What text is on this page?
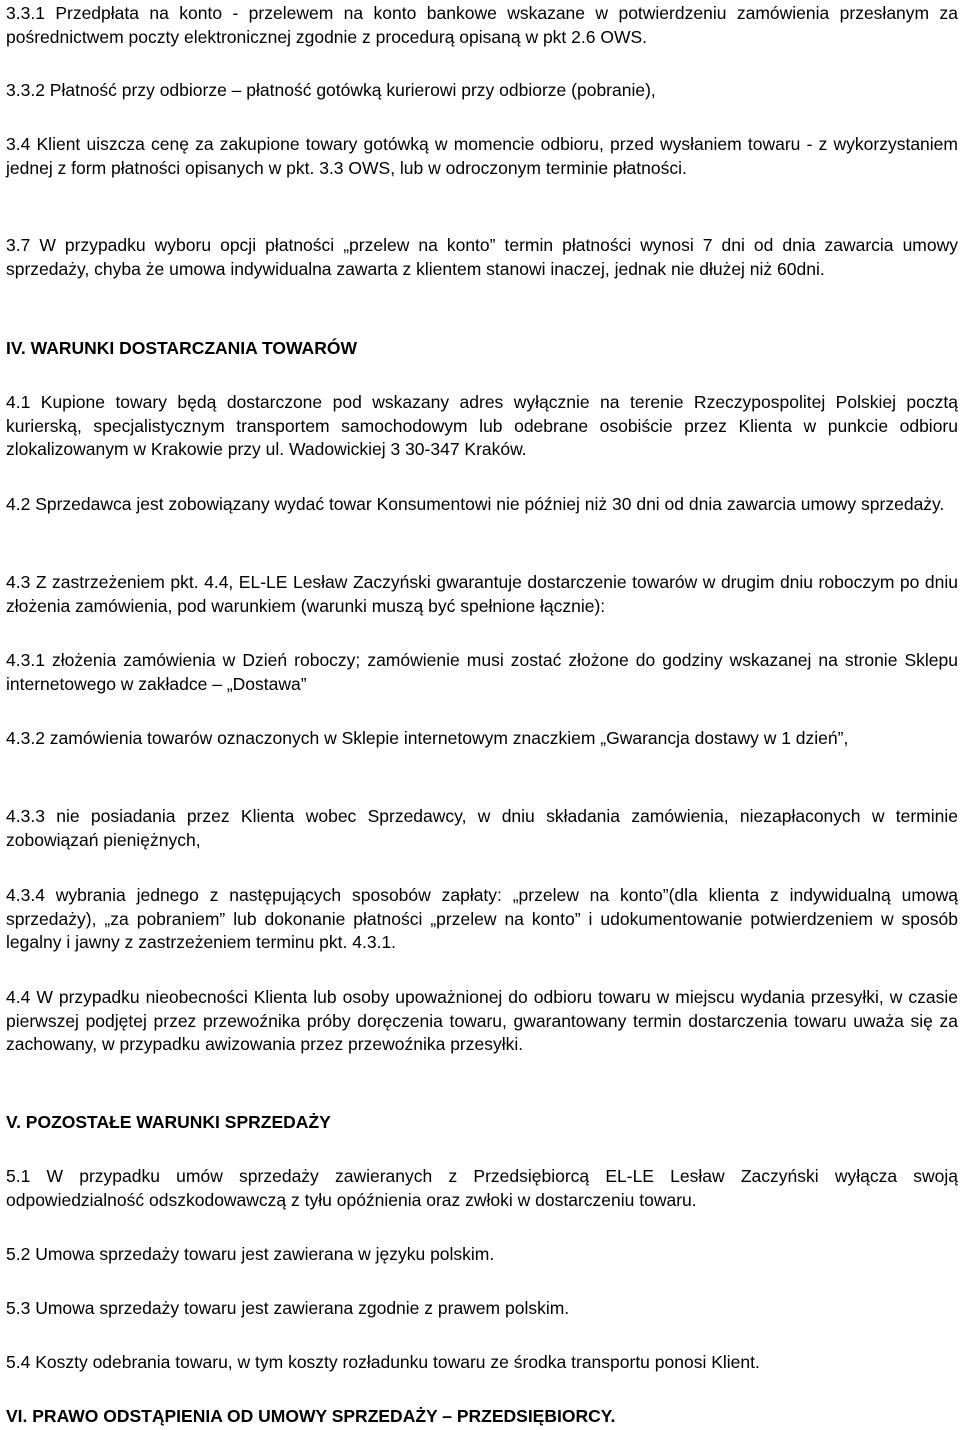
3.3.1 Przedpłata na konto - przelewem na konto bankowe wskazane w potwierdzeniu zamówienia przesłanym za pośrednictwem poczty elektronicznej zgodnie z procedurą opisaną w pkt 2.6 OWS.

3.3.2 Płatność przy odbiorze – płatność gotówką kurierowi przy odbiorze (pobranie),

3.4 Klient uiszcza cenę za zakupione towary gotówką w momencie odbioru, przed wysłaniem towaru - z wykorzystaniem jednej z form płatności opisanych w pkt. 3.3 OWS, lub w odroczonym terminie płatności.

3.7 W przypadku wyboru opcji płatności „przelew na konto” termin płatności wynosi 7 dni od dnia zawarcia umowy sprzedaży, chyba że umowa indywidualna zawarta z klientem stanowi inaczej, jednak nie dłużej niż 60dni.

IV. WARUNKI DOSTARCZANIA TOWARÓW

4.1 Kupione towary będą dostarczone pod wskazany adres wyłącznie na terenie Rzeczypospolitej Polskiej pocztą kurierską, specjalistycznym transportem samochodowym lub odebrane osobiście przez Klienta w punkcie odbioru zlokalizowanym w Krakowie przy ul. Wadowickiej 3 30-347 Kraków.

4.2 Sprzedawca jest zobowiązany wydać towar Konsumentowi nie później niż 30 dni od dnia zawarcia umowy sprzedaży.

4.3 Z zastrzeżeniem pkt. 4.4, EL-LE Lesław Zaczyński gwarantuje dostarczenie towarów w drugim dniu roboczym po dniu złożenia zamówienia, pod warunkiem (warunki muszą być spełnione łącznie):

4.3.1 złożenia zamówienia w Dzień roboczy; zamówienie musi zostać złożone do godziny wskazanej na stronie Sklepu internetowego w zakładce – „Dostawa”

4.3.2 zamówienia towarów oznaczonych w Sklepie internetowym znaczkiem „Gwarancja dostawy w 1 dzień”,

4.3.3 nie posiadania przez Klienta wobec Sprzedawcy, w dniu składania zamówienia, niezapłaconych w terminie zobowiązań pieniężnych,

4.3.4 wybrania jednego z następujących sposobów zapłaty: „przelew na konto”(dla klienta z indywidualną umową sprzedaży), „za pobraniem” lub dokonanie płatności „przelew na konto” i udokumentowanie potwierdzeniem w sposób legalny i jawny z zastrzeżeniem terminu pkt. 4.3.1.

4.4 W przypadku nieobecności Klienta lub osoby upoważnionej do odbioru towaru w miejscu wydania przesyłki, w czasie pierwszej podjętej przez przewoźnika próby doręczenia towaru, gwarantowany termin dostarczenia towaru uważa się za zachowany, w przypadku awizowania przez przewoźnika przesyłki.

V. POZOSTAŁE WARUNKI SPRZEDAŻY

5.1 W przypadku umów sprzedaży zawieranych z Przedsiębiorcą EL-LE Lesław Zaczyński wyłącza swoją odpowiedzialność odszkodowawczą z tyłu opóźnienia oraz zwłoki w dostarczeniu towaru.

5.2 Umowa sprzedaży towaru jest zawierana w języku polskim.

5.3 Umowa sprzedaży towaru jest zawierana zgodnie z prawem polskim.

5.4 Koszty odebrania towaru, w tym koszty rozładunku towaru ze środka transportu ponosi Klient.

VI. PRAWO ODSTĄPIENIA OD UMOWY SPRZEDAŻY – PRZEDSIĘBIORCY.
